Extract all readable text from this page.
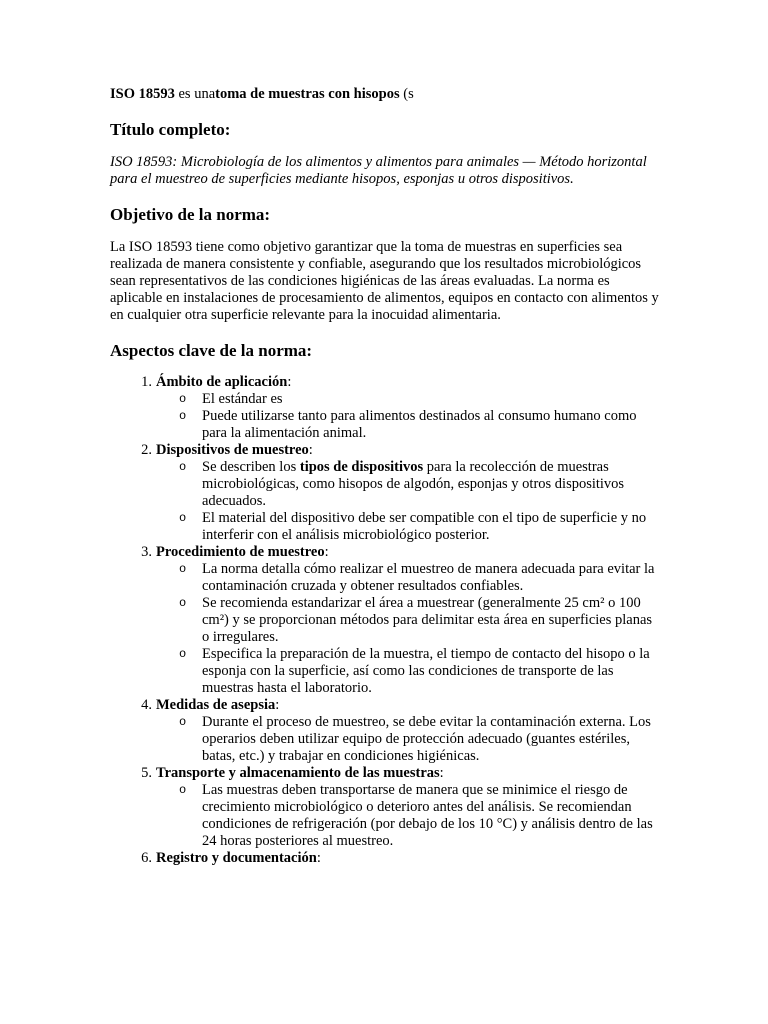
ISO 18593 es unatoma de muestras con hisopos (s

Título completo:

ISO 18593: Microbiología de los alimentos y alimentos para animales — Método horizontal para el muestreo de superficies mediante hisopos, esponjas u otros dispositivos.

Objetivo de la norma:

La ISO 18593 tiene como objetivo garantizar que la toma de muestras en superficies sea realizada de manera consistente y confiable, asegurando que los resultados microbiológicos sean representativos de las condiciones higiénicas de las áreas evaluadas. La norma es aplicable en instalaciones de procesamiento de alimentos, equipos en contacto con alimentos y en cualquier otra superficie relevante para la inocuidad alimentaria.

Aspectos clave de la norma:
1. Ámbito de aplicación:
o El estándar es
o Puede utilizarse tanto para alimentos destinados al consumo humano como para la alimentación animal.
2. Dispositivos de muestreo:
o Se describen los tipos de dispositivos para la recolección de muestras microbiológicas, como hisopos de algodón, esponjas y otros dispositivos adecuados.
o El material del dispositivo debe ser compatible con el tipo de superficie y no interferir con el análisis microbiológico posterior.
3. Procedimiento de muestreo:
o La norma detalla cómo realizar el muestreo de manera adecuada para evitar la contaminación cruzada y obtener resultados confiables.
o Se recomienda estandarizar el área a muestrear (generalmente 25 cm² o 100 cm²) y se proporcionan métodos para delimitar esta área en superficies planas o irregulares.
o Especifica la preparación de la muestra, el tiempo de contacto del hisopo o la esponja con la superficie, así como las condiciones de transporte de las muestras hasta el laboratorio.
4. Medidas de asepsia:
o Durante el proceso de muestreo, se debe evitar la contaminación externa. Los operarios deben utilizar equipo de protección adecuado (guantes estériles, batas, etc.) y trabajar en condiciones higiénicas.
5. Transporte y almacenamiento de las muestras:
o Las muestras deben transportarse de manera que se minimice el riesgo de crecimiento microbiológico o deterioro antes del análisis. Se recomiendan condiciones de refrigeración (por debajo de los 10 °C) y análisis dentro de las 24 horas posteriores al muestreo.
6. Registro y documentación:
